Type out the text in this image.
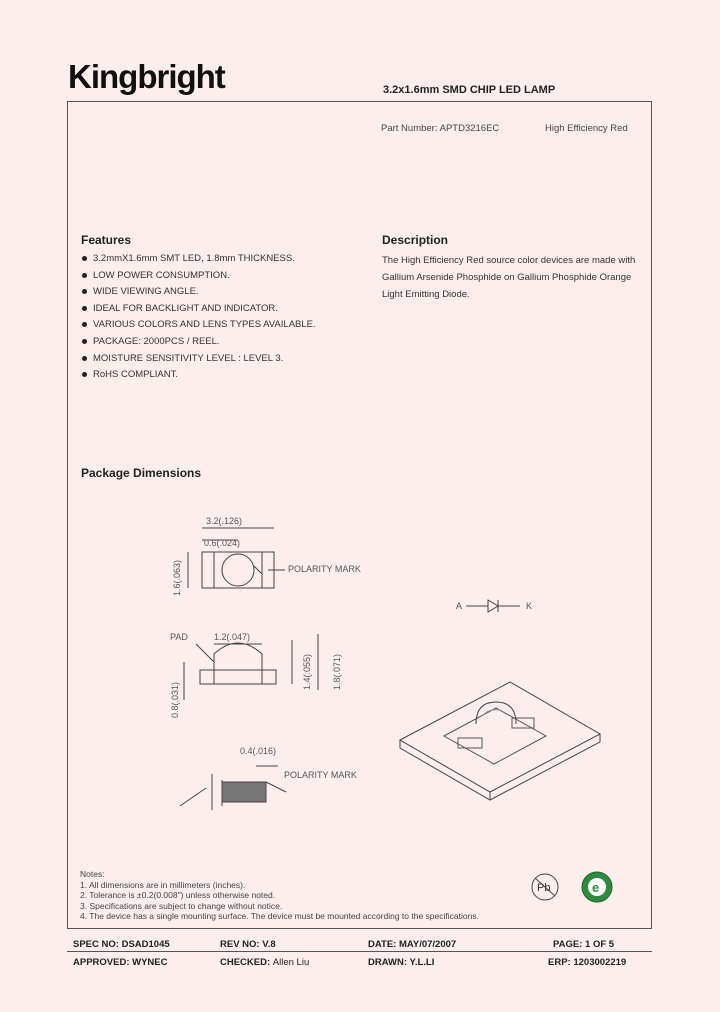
Kingbright	3.2x1.6mm SMD CHIP LED LAMP
Part Number: APTD3216EC	High Efficiency Red
Features
3.2mmX1.6mm SMT LED, 1.8mm THICKNESS.
LOW POWER CONSUMPTION.
WIDE VIEWING ANGLE.
IDEAL FOR BACKLIGHT AND INDICATOR.
VARIOUS COLORS AND LENS TYPES AVAILABLE.
PACKAGE: 2000PCS / REEL.
MOISTURE SENSITIVITY LEVEL : LEVEL 3.
RoHS COMPLIANT.
Description
The High Efficiency Red source color devices are made with
Gallium Arsenide Phosphide on Gallium Phosphide Orange
Light Emitting Diode.
Package Dimensions
3.2(.126)
0.6(.024)
1.6(.063)	POLARITY MARK
PAD	1.2(.047)
1.4(.055) 1.8(.071)
0.8(.031)
0.4(.016)
POLARITY MARK
A	K
Pb	e
Notes:
1. All dimensions are in millimeters (inches).
2. Tolerance is ±0.2(0.008") unless otherwise noted.
3. Specifications are subject to change without notice.
4. The device has a single mounting surface. The device must be mounted according to the specifications.
SPEC NO: DSAD1045	REV NO: V.8	DATE: MAY/07/2007	PAGE: 1 OF 5
APPROVED: WYNEC	CHECKED: Allen Liu	DRAWN: Y.L.LI	ERP: 1203002219
